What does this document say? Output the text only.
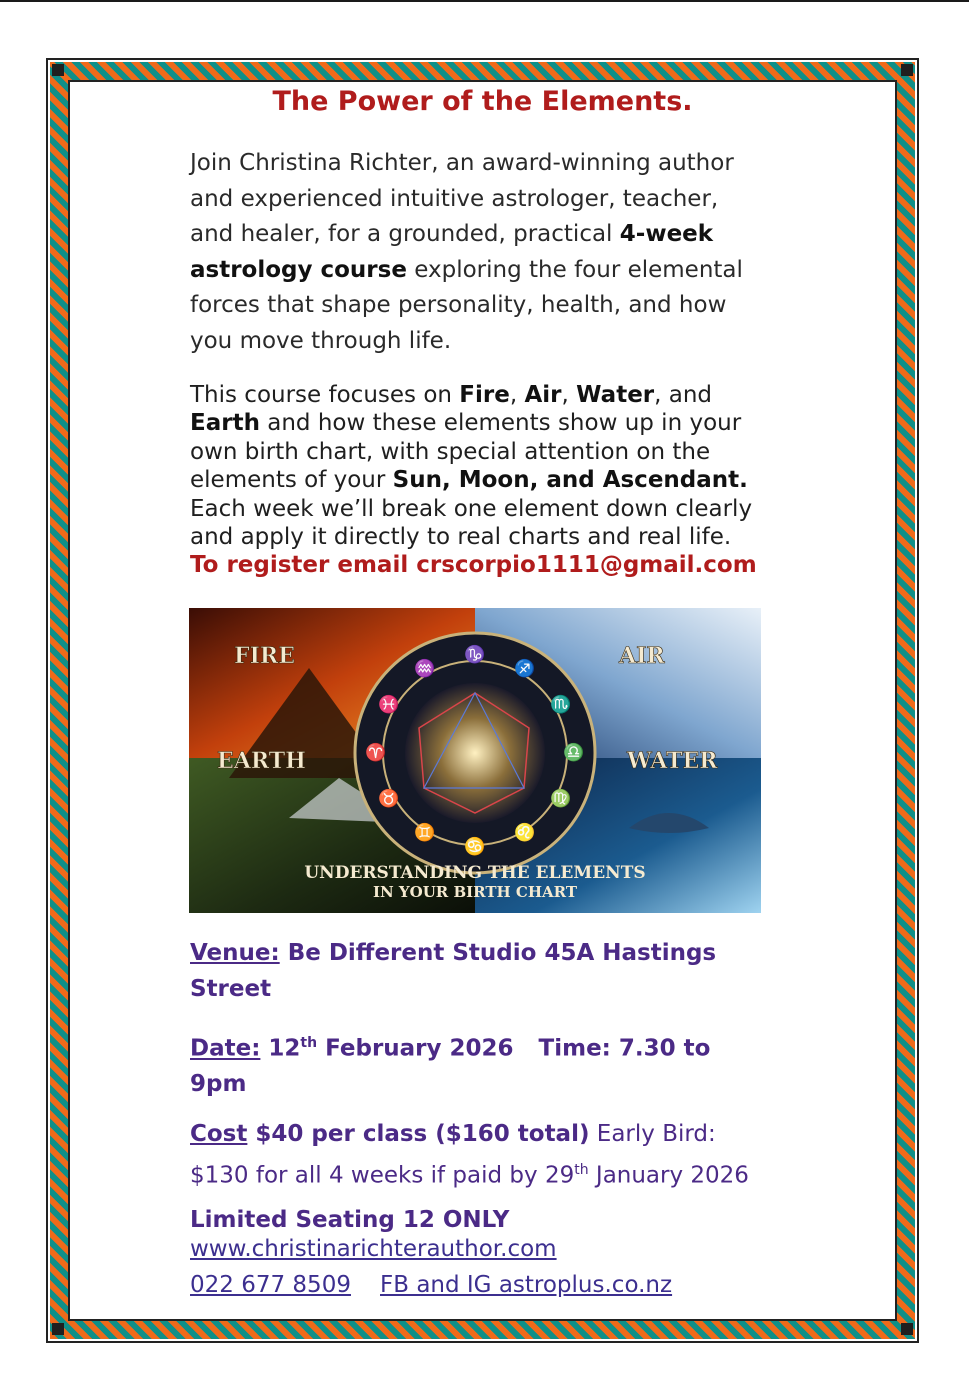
The Power of the Elements.
Join Christina Richter, an award-winning author
and experienced intuitive astrologer, teacher,
and healer, for a grounded, practical 4-week
astrology course exploring the four elemental
forces that shape personality, health, and how
you move through life.
This course focuses on Fire, Air, Water, and
Earth and how these elements show up in your
own birth chart, with special attention on the
elements of your Sun, Moon, and Ascendant.
Each week we’ll break one element down clearly
and apply it directly to real charts and real life.
To register email crscorpio1111@gmail.com
♑
♐
♏
♎
♍
♌
♋
♊
♉
♈
♓
♒
FIRE	AIR
EARTH	WATER
UNDERSTANDING THE ELEMENTS
IN YOUR BIRTH CHART
Venue: Be Different Studio 45A Hastings
Street
Date: 12th February 2026 Time: 7.30 to
9pm
Cost $40 per class ($160 total) Early Bird:
$130 for all 4 weeks if paid by 29th January 2026
Limited Seating 12 ONLY
www.christinarichterauthor.com
022 677 8509 FB and IG astroplus.co.nz
